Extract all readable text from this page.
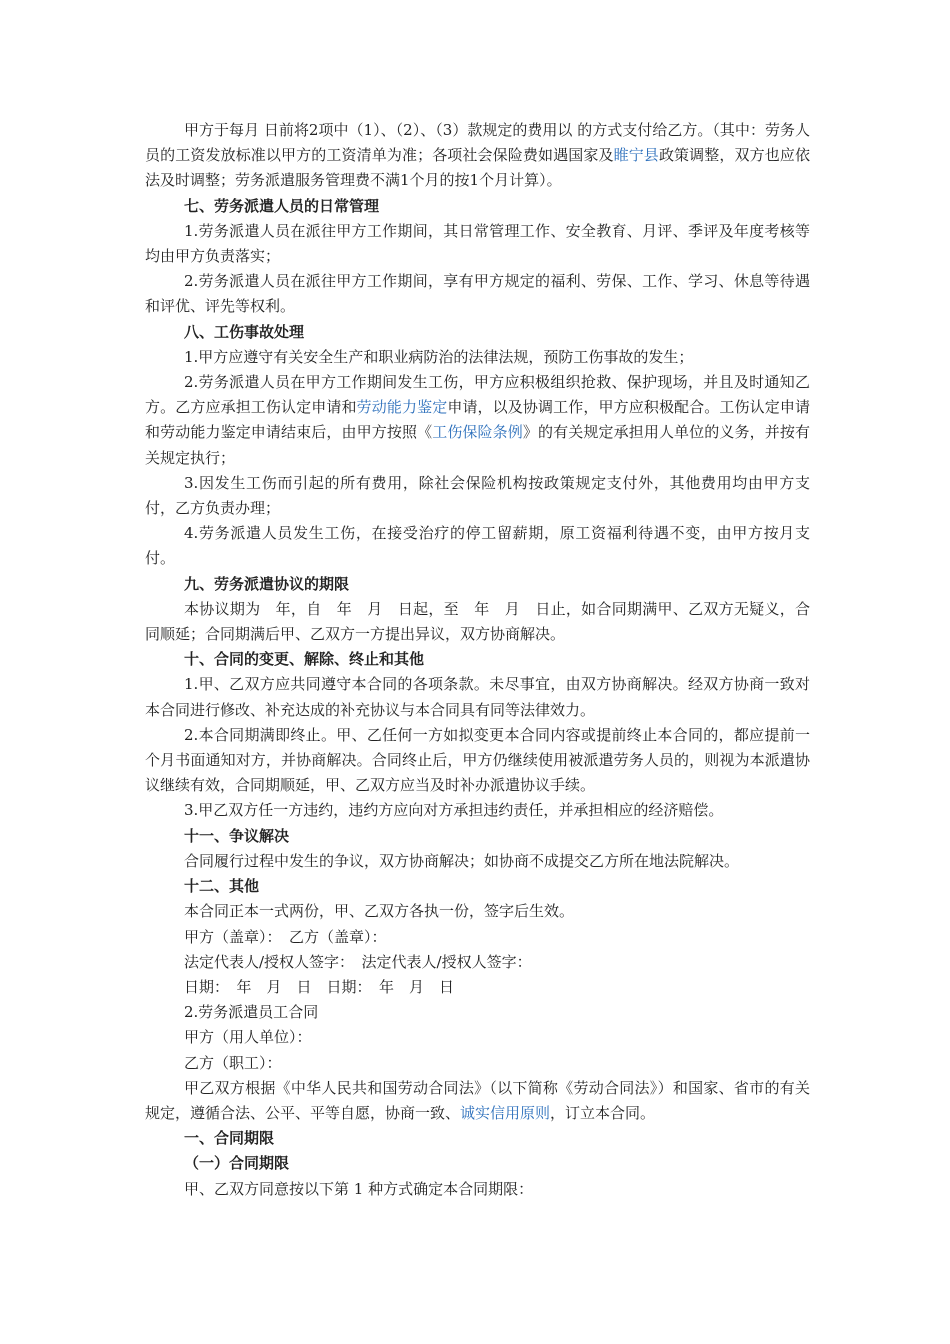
甲方于每月 日前将2项中（1）、（2）、（3）款规定的费用以 的方式支付给乙方。（其中：劳务人员的工资发放标准以甲方的工资清单为准；各项社会保险费如遇国家及睢宁县政策调整，双方也应依法及时调整；劳务派遣服务管理费不满1个月的按1个月计算）。

七、劳务派遣人员的日常管理

1.劳务派遣人员在派往甲方工作期间，其日常管理工作、安全教育、月评、季评及年度考核等均由甲方负责落实；

2.劳务派遣人员在派往甲方工作期间，享有甲方规定的福利、劳保、工作、学习、休息等待遇和评优、评先等权利。

八、工伤事故处理

1.甲方应遵守有关安全生产和职业病防治的法律法规，预防工伤事故的发生；

2.劳务派遣人员在甲方工作期间发生工伤，甲方应积极组织抢救、保护现场，并且及时通知乙方。乙方应承担工伤认定申请和劳动能力鉴定申请，以及协调工作，甲方应积极配合。工伤认定申请和劳动能力鉴定申请结束后，由甲方按照《工伤保险条例》的有关规定承担用人单位的义务，并按有关规定执行；

3.因发生工伤而引起的所有费用，除社会保险机构按政策规定支付外，其他费用均由甲方支付，乙方负责办理；

4.劳务派遣人员发生工伤，在接受治疗的停工留薪期，原工资福利待遇不变，由甲方按月支付。

九、劳务派遣协议的期限

本协议期为　年，自　年　月　日起，至　年　月　日止，如合同期满甲、乙双方无疑义，合同顺延；合同期满后甲、乙双方一方提出异议，双方协商解决。

十、合同的变更、解除、终止和其他

1.甲、乙双方应共同遵守本合同的各项条款。未尽事宜，由双方协商解决。经双方协商一致对本合同进行修改、补充达成的补充协议与本合同具有同等法律效力。

2.本合同期满即终止。甲、乙任何一方如拟变更本合同内容或提前终止本合同的，都应提前一个月书面通知对方，并协商解决。合同终止后，甲方仍继续使用被派遣劳务人员的，则视为本派遣协议继续有效，合同期顺延，甲、乙双方应当及时补办派遣协议手续。

3.甲乙双方任一方违约，违约方应向对方承担违约责任，并承担相应的经济赔偿。

十一、争议解决

合同履行过程中发生的争议，双方协商解决；如协商不成提交乙方所在地法院解决。

十二、其他

本合同正本一式两份，甲、乙双方各执一份，签字后生效。

甲方（盖章）：　乙方（盖章）：

法定代表人/授权人签字：　法定代表人/授权人签字：

日期：　年　月　日　日期：　年　月　日

2.劳务派遣员工合同

甲方（用人单位）：

乙方（职工）：

甲乙双方根据《中华人民共和国劳动合同法》（以下简称《劳动合同法》）和国家、省市的有关规定，遵循合法、公平、平等自愿，协商一致、诚实信用原则，订立本合同。

一、合同期限

（一）合同期限

甲、乙双方同意按以下第 1 种方式确定本合同期限：
